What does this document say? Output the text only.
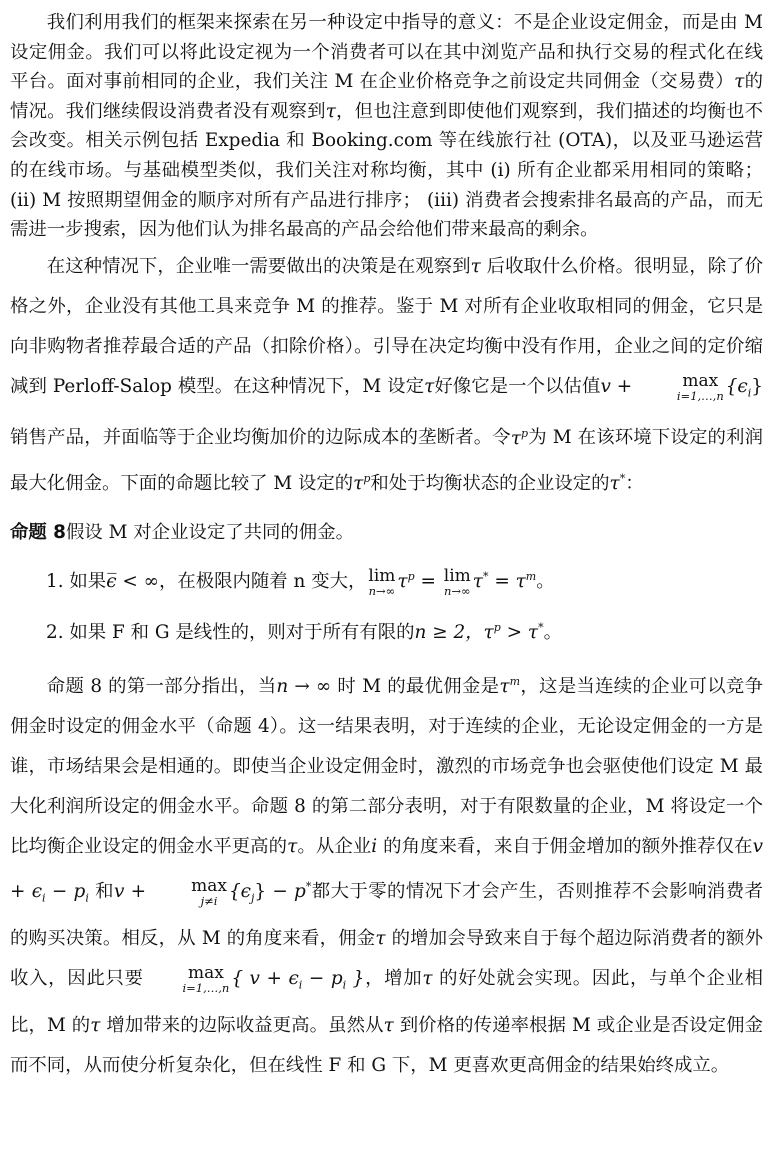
我们利用我们的框架来探索在另一种设定中指导的意义：不是企业设定佣金，而是由 M 设定佣金。我们可以将此设定视为一个消费者可以在其中浏览产品和执行交易的程式化在线平台。面对事前相同的企业，我们关注 M 在企业价格竞争之前设定共同佣金（交易费）τ的情况。我们继续假设消费者没有观察到τ，但也注意到即使他们观察到，我们描述的均衡也不会改变。相关示例包括 Expedia 和 Booking.com 等在线旅行社 (OTA)，以及亚马逊运营的在线市场。与基础模型类似，我们关注对称均衡，其中 (i) 所有企业都采用相同的策略； (ii) M 按照期望佣金的顺序对所有产品进行排序； (iii) 消费者会搜索排名最高的产品，而无需进一步搜索，因为他们认为排名最高的产品会给他们带来最高的剩余。

在这种情况下，企业唯一需要做出的决策是在观察到τ 后收取什么价格。很明显，除了价格之外，企业没有其他工具来竞争 M 的推荐。鉴于 M 对所有企业收取相同的佣金，它只是向非购物者推荐最合适的产品（扣除价格）。引导在决定均衡中没有作用，企业之间的定价缩减到 Perloff-Salop 模型。在这种情况下，M 设定τ好像它是一个以估值v +	max
i=1,…,n $\{\epsilon_i\}$销售产品，并面临等于企业均衡加价的边际成本的垄断者。令$\tau^p$为 M 在该环境下设定的利润最大化佣金。下面的命题比较了 M 设定的$\tau^p$和处于均衡状态的企业设定的τ*：

命题 8假设 M 对企业设定了共同的佣金。

1. 如果ϵ̅ < ∞，在极限内随着 n 变大， lim
n→∞ $\tau^p = \lim$
n→∞ $\tau^* = \tau^m$。

2. 如果 F 和 G 是线性的，则对于所有有限的n ≥ 2，$\tau^p > \tau^*$。

命题 8 的第一部分指出，当n → ∞ 时 M 的最优佣金是$\tau^m$，这是当连续的企业可以竞争佣金时设定的佣金水平（命题 4）。这一结果表明，对于连续的企业，无论设定佣金的一方是谁，市场结果会是相通的。即使当企业设定佣金时，激烈的市场竞争也会驱使他们设定 M 最大化利润所设定的佣金水平。命题 8 的第二部分表明，对于有限数量的企业，M 将设定一个比均衡企业设定的佣金水平更高的τ。从企业i 的角度来看，来自于佣金增加的额外推荐仅在$v + \epsilon_i - p_i$ 和v +	max
j≠i $\{\epsilon_j\} - p^*$都大于零的情况下才会产生，否则推荐不会影响消费者的购买决策。相反，从 M 的角度来看，佣金τ 的增加会导致来自于每个超边际消费者的额外收入，因此只要	max
i=1,…,n { $v + \epsilon_i - p_i$ }，增加τ 的好处就会实现。因此，与单个企业相比，M 的τ 增加带来的边际收益更高。虽然从τ 到价格的传递率根据 M 或企业是否设定佣金而不同，从而使分析复杂化，但在线性 F 和 G 下，M 更喜欢更高佣金的结果始终成立。
